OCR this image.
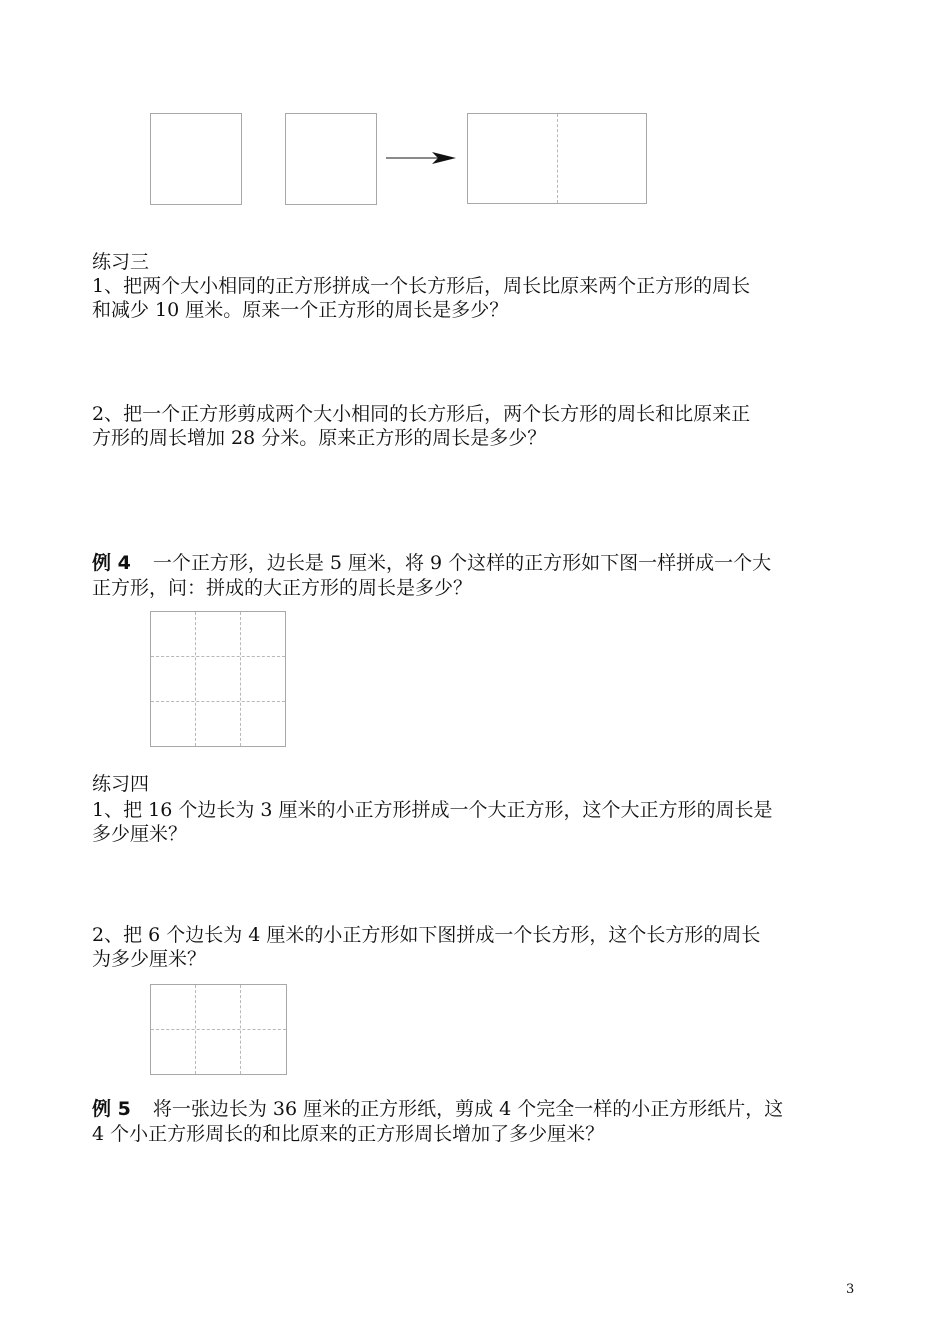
练习三
1、把两个大小相同的正方形拼成一个长方形后，周长比原来两个正方形的周长
和减少 10 厘米。原来一个正方形的周长是多少？
2、把一个正方形剪成两个大小相同的长方形后，两个长方形的周长和比原来正
方形的周长增加 28 分米。原来正方形的周长是多少？
例 4 一个正方形，边长是 5 厘米，将 9 个这样的正方形如下图一样拼成一个大
正方形，问：拼成的大正方形的周长是多少？
练习四
1、把 16 个边长为 3 厘米的小正方形拼成一个大正方形，这个大正方形的周长是
多少厘米？
2、把 6 个边长为 4 厘米的小正方形如下图拼成一个长方形，这个长方形的周长
为多少厘米？
例 5 将一张边长为 36 厘米的正方形纸，剪成 4 个完全一样的小正方形纸片，这
4 个小正方形周长的和比原来的正方形周长增加了多少厘米？
3
